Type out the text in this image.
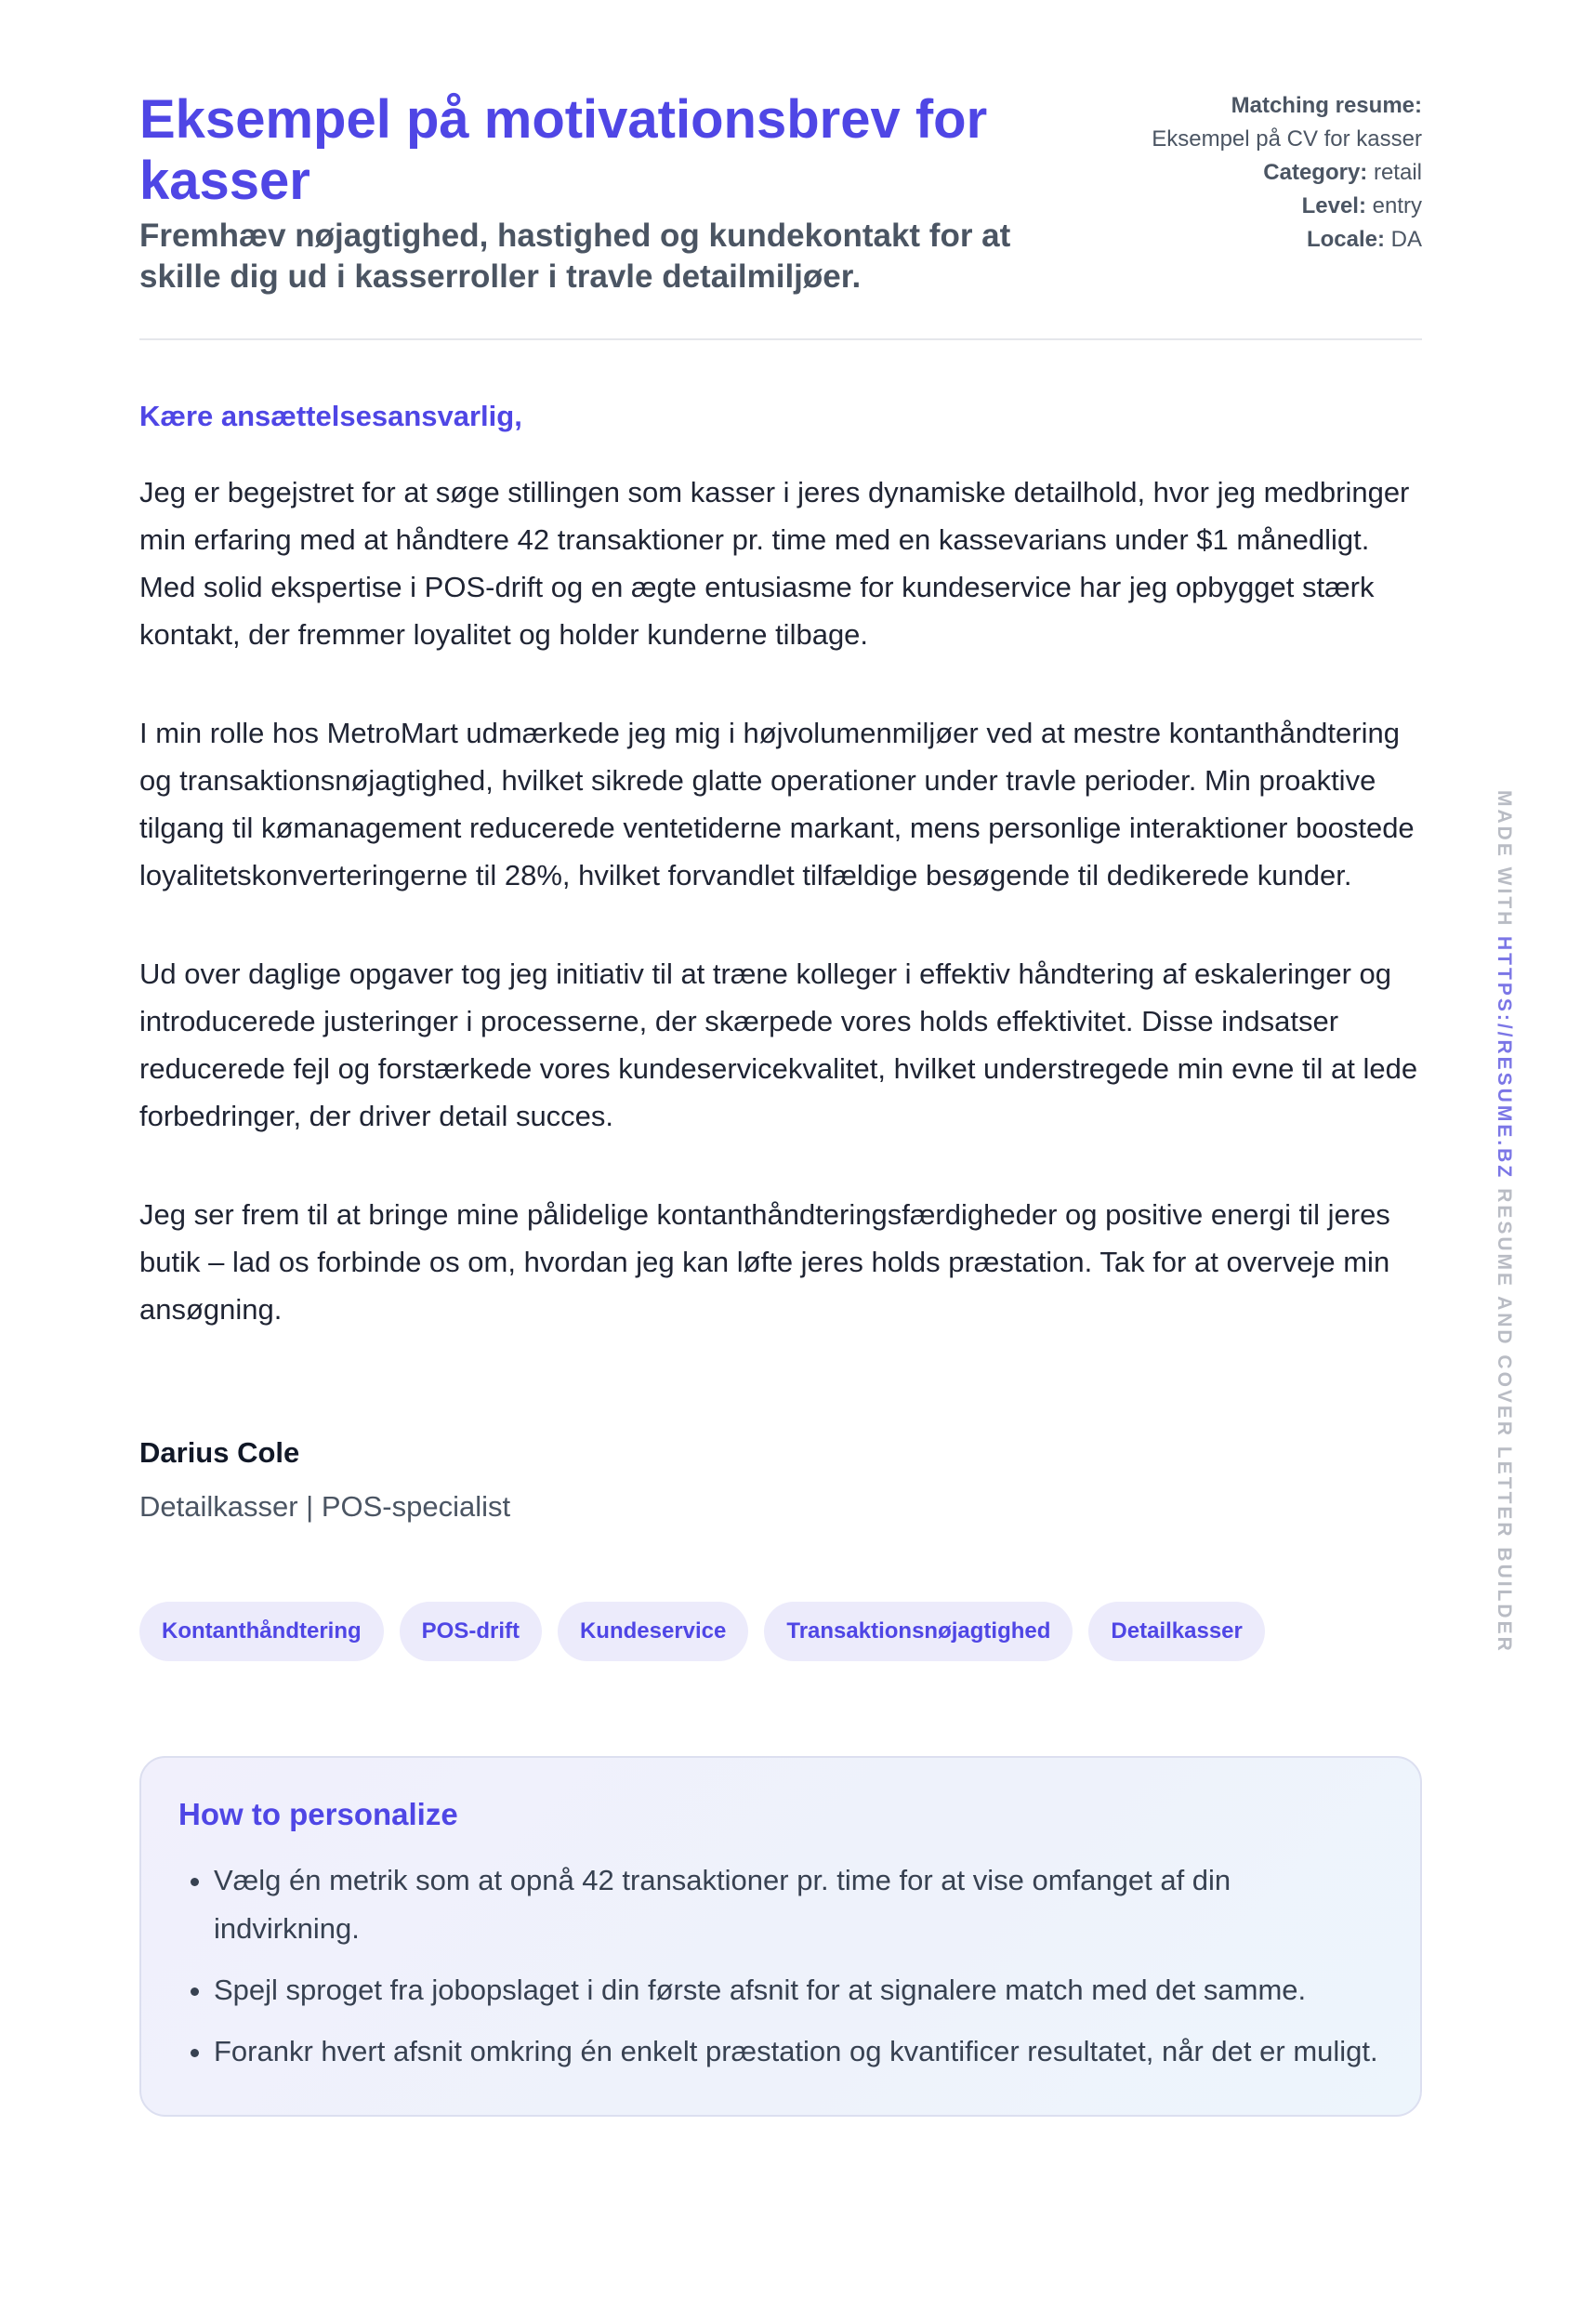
Eksempel på motivationsbrev for kasser

Fremhæv nøjagtighed, hastighed og kundekontakt for at skille dig ud i kasserroller i travle detailmiljøer.

Matching resume:
Eksempel på CV for kasser
Category: retail
Level: entry
Locale: DA

Kære ansættelsesansvarlig,

Jeg er begejstret for at søge stillingen som kasser i jeres dynamiske detailhold, hvor jeg medbringer min erfaring med at håndtere 42 transaktioner pr. time med en kassevarians under $1 månedligt. Med solid ekspertise i POS-drift og en ægte entusiasme for kundeservice har jeg opbygget stærk kontakt, der fremmer loyalitet og holder kunderne tilbage.

I min rolle hos MetroMart udmærkede jeg mig i højvolumenmiljøer ved at mestre kontanthåndtering og transaktionsnøjagtighed, hvilket sikrede glatte operationer under travle perioder. Min proaktive tilgang til kømanagement reducerede ventetiderne markant, mens personlige interaktioner boostede loyalitetskonverteringerne til 28%, hvilket forvandlet tilfældige besøgende til dedikerede kunder.

Ud over daglige opgaver tog jeg initiativ til at træne kolleger i effektiv håndtering af eskaleringer og introducerede justeringer i processerne, der skærpede vores holds effektivitet. Disse indsatser reducerede fejl og forstærkede vores kundeservicekvalitet, hvilket understregede min evne til at lede forbedringer, der driver detail succes.

Jeg ser frem til at bringe mine pålidelige kontanthåndteringsfærdigheder og positive energi til jeres butik – lad os forbinde os om, hvordan jeg kan løfte jeres holds præstation. Tak for at overveje min ansøgning.

Darius Cole

Detailkasser | POS-specialist

Kontanthåndtering	POS-drift	Kundeservice	Transaktionsnøjagtighed	Detailkasser
How to personalize
• Vælg én metrik som at opnå 42 transaktioner pr. time for at vise omfanget af din indvirkning.
• Spejl sproget fra jobopslaget i din første afsnit for at signalere match med det samme.
• Forankr hvert afsnit omkring én enkelt præstation og kvantificer resultatet, når det er muligt.
MADE WITH HTTPS://RESUME.BZ RESUME AND COVER LETTER BUILDER
